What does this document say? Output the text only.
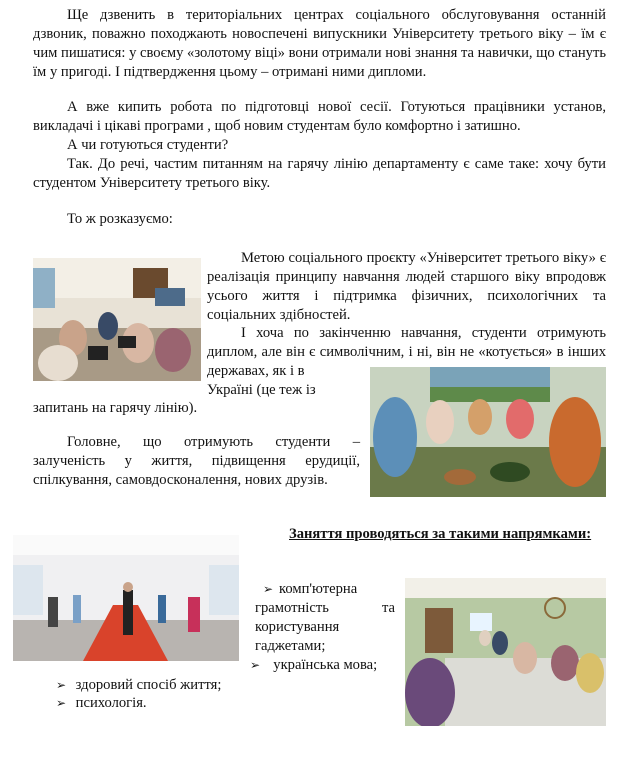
Ще дзвенить в територіальних центрах соціального обслуговування останній дзвоник, поважно походжають новоспечені випускники Університету третього віку – їм є чим пишатися: у своєму «золотому віці» вони отримали нові знання та навички, що стануть їм у пригоді. І підтвердження цьому – отримані ними дипломи.

А вже кипить робота по підготовці нової сесії. Готуються працівники установ, викладачі і цікаві програми , щоб новим студентам було комфортно і затишно.

А чи готуються студенти?

Так. До речі, частим питанням на гарячу лінію департаменту є саме таке: хочу бути студентом Університету третього віку.

То ж розказуємо:

Метою соціального проєкту «Університет третього віку» є реалізація принципу навчання людей старшого віку впродовж усього життя і підтримка фізичних, психологічних та соціальних здібностей.

І хоча по закінченню навчання, студенти отримують диплом, але він є символічним, і ні, він не «котується» в інших державах, як і в

Україні (це теж із

запитань на гарячу лінію).

Головне, що отримують студенти – залученість у життя, підвищення ерудиції, спілкування, самовдосконалення, нових друзів.

Заняття проводяться за такими напрямками:

➢ комп'ютерна грамотність та користування гаджетами;
➢ українська мова;
➢ здоровий спосіб життя;
➢ психологія.
